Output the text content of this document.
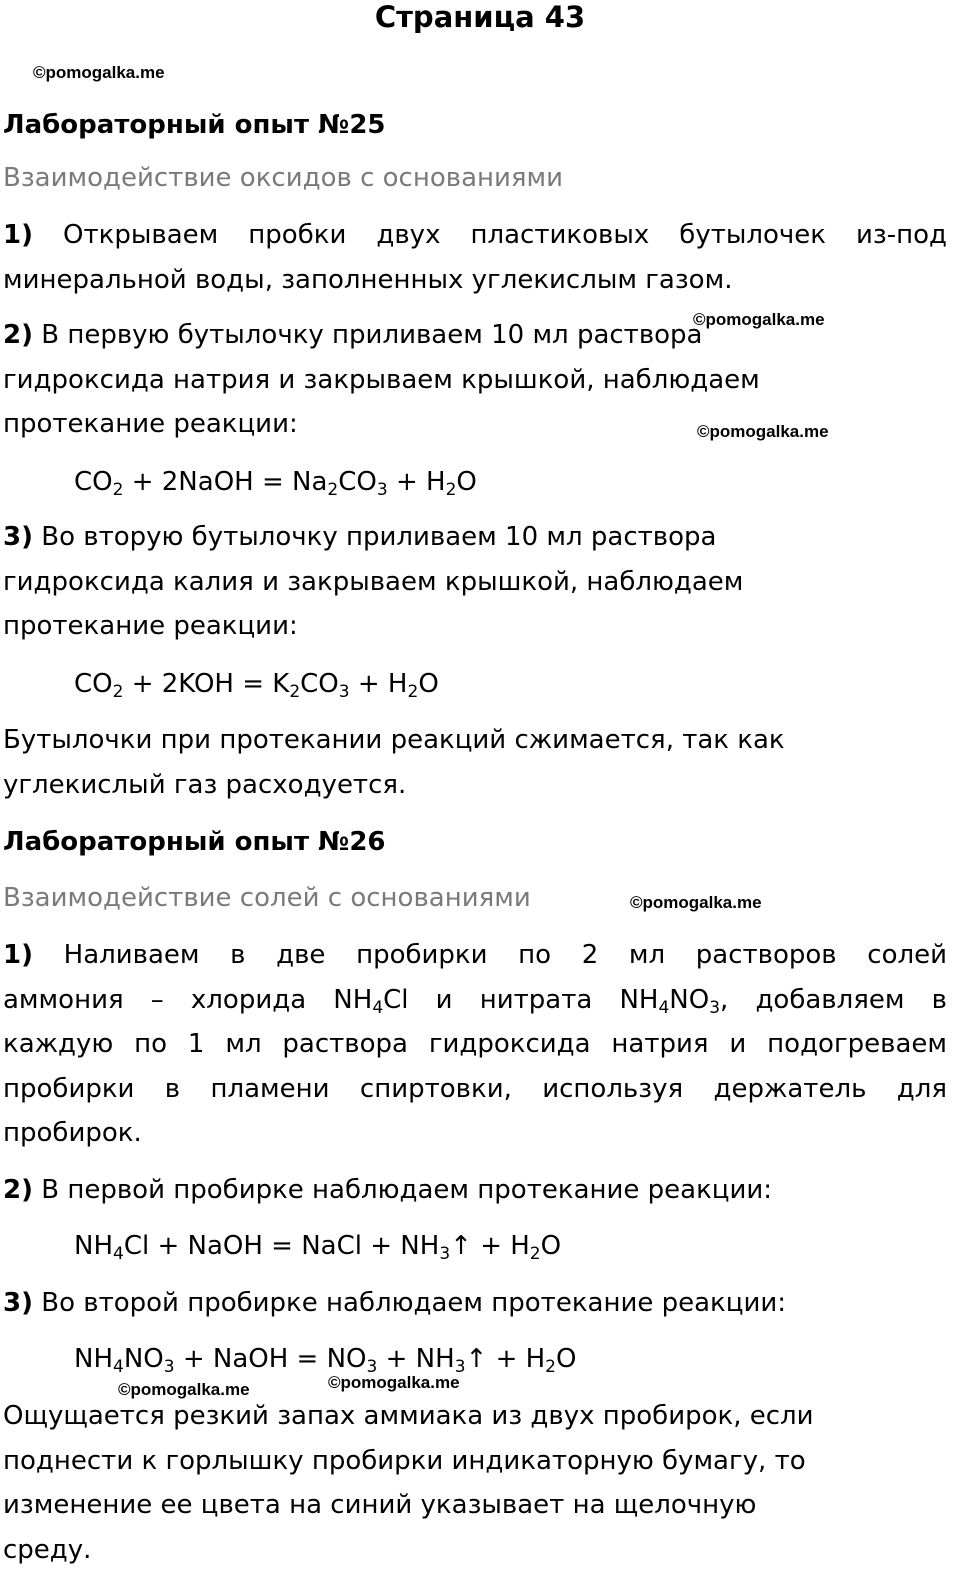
Страница 43
©pomogalka.me
Лабораторный опыт №25
Взаимодействие оксидов с основаниями
1) Открываем пробки двух пластиковых бутылочек из-под
минеральной воды, заполненных углекислым газом.
©pomogalka.me
2) В первую бутылочку приливаем 10 мл раствора
гидроксида натрия и закрываем крышкой, наблюдаем
протекание реакции:	©pomogalka.me
$CO_2$ + 2NaOH = $Na_2CO_3 + H_2O$
3) Во вторую бутылочку приливаем 10 мл раствора
гидроксида калия и закрываем крышкой, наблюдаем
протекание реакции:
$CO_2 + 2KOH = K_2CO_3 + H_2O$
Бутылочки при протекании реакций сжимается, так как
углекислый газ расходуется.
Лабораторный опыт №26
Взаимодействие солей с основаниями	©pomogalka.me
1) Наливаем в две пробирки по 2 мл растворов солей
аммония – хлорида $NH_4Cl$ и нитрата $NH_4NO_3$, добавляем в
каждую по 1 мл раствора гидроксида натрия и подогреваем
пробирки в пламени спиртовки, используя держатель для
пробирок.
2) В первой пробирке наблюдаем протекание реакции:
$NH_4Cl$ + NaOH = NaCl + $NH_3↑ + H_2O$
3) Во второй пробирке наблюдаем протекание реакции:
$NH_4NO_3$ + NaOH = $NO_3$ + $NH_3↑ + H_2O$
©pomogalka.me	©pomogalka.me
Ощущается резкий запах аммиака из двух пробирок, если
поднести к горлышку пробирки индикаторную бумагу, то
изменение ее цвета на синий указывает на щелочную
среду.
